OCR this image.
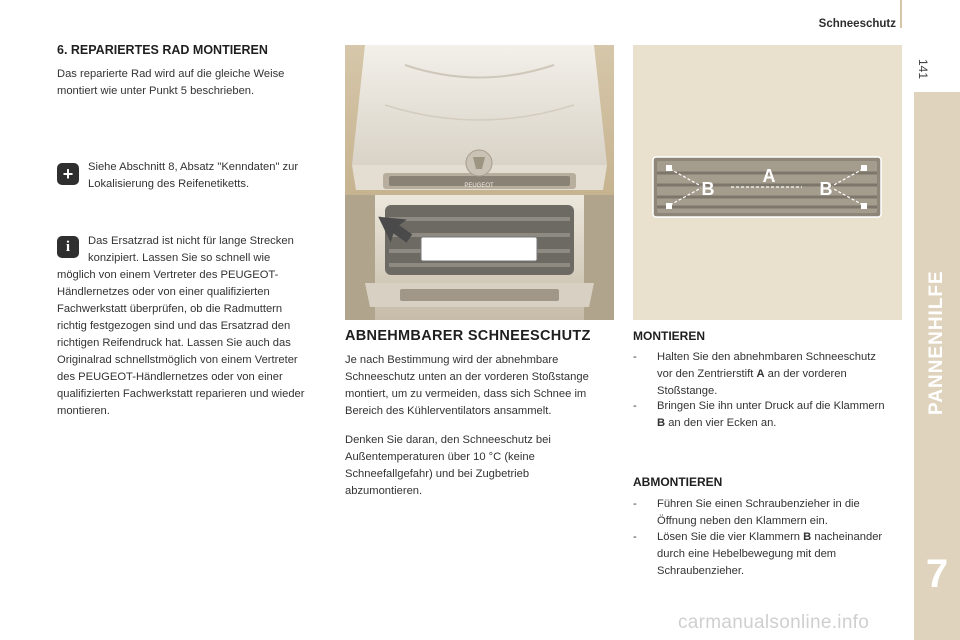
Schneeschutz
141
PANNENHILFE
7
6. REPARIERTES RAD MONTIEREN
Das reparierte Rad wird auf die gleiche Weise
montiert wie unter Punkt 5 beschrieben.
+	Siehe Abschnitt 8, Absatz "Kenndaten" zur
Lokalisierung des Reifenetiketts.
i	Das Ersatzrad ist nicht für lange Strecken
konzipiert. Lassen Sie so schnell wie
möglich von einem Vertreter des PEUGEOT-
Händlernetzes oder von einer qualifizierten
Fachwerkstatt überprüfen, ob die Radmuttern
richtig festgezogen sind und das Ersatzrad den
richtigen Reifendruck hat. Lassen Sie auch das
Originalrad schnellstmöglich von einem Vertreter
des PEUGEOT-Händlernetzes oder von einer
qualifizierten Fachwerkstatt reparieren und wieder
montieren.
PEUGEOT	B	B
A
ABNEHMBARER SCHNEESCHUTZ
Je nach Bestimmung wird der abnehmbare
Schneeschutz unten an der vorderen Stoßstange
montiert, um zu vermeiden, dass sich Schnee im
Bereich des Kühlerventilators ansammelt.
Denken Sie daran, den Schneeschutz bei
Außentemperaturen über 10 °C (keine
Schneefallgefahr) und bei Zugbetrieb
abzumontieren.
MONTIEREN
- Halten Sie den abnehmbaren Schneeschutz
vor den Zentrierstift A an der vorderen
Stoßstange.
- Bringen Sie ihn unter Druck auf die Klammern
B an den vier Ecken an.
ABMONTIEREN
- Führen Sie einen Schraubenzieher in die
Öffnung neben den Klammern ein.
- Lösen Sie die vier Klammern B nacheinander
durch eine Hebelbewegung mit dem
Schraubenzieher.
carmanualsonline.info
